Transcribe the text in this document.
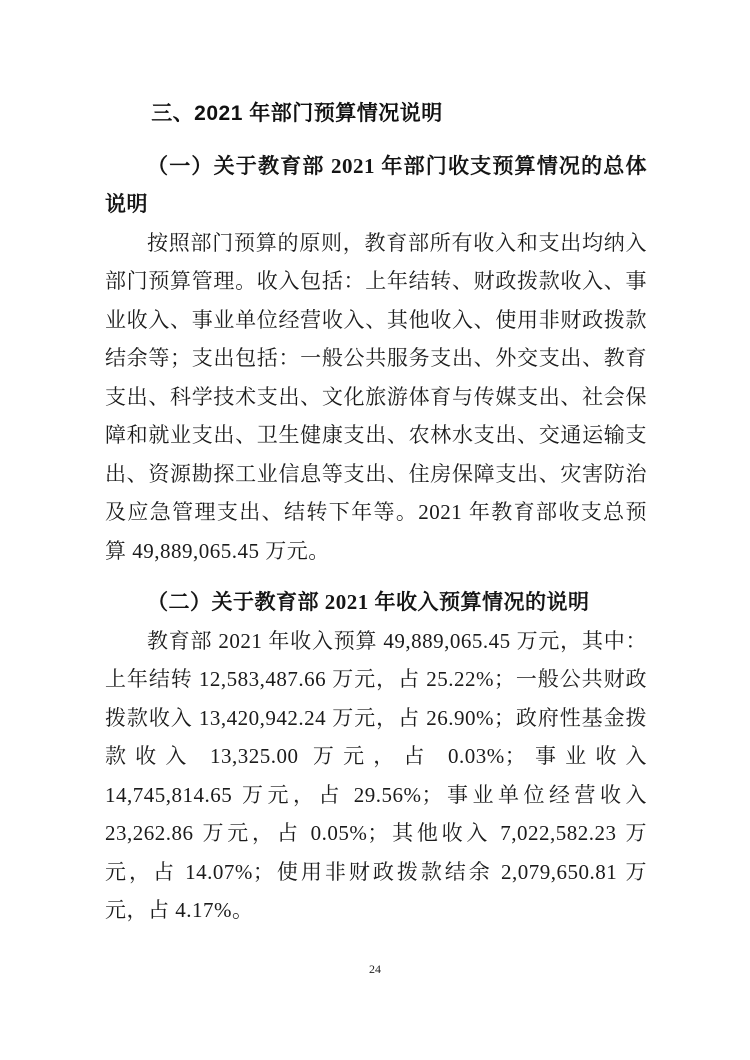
三、2021 年部门预算情况说明
（一）关于教育部 2021 年部门收支预算情况的总体说明

按照部门预算的原则，教育部所有收入和支出均纳入部门预算管理。收入包括：上年结转、财政拨款收入、事业收入、事业单位经营收入、其他收入、使用非财政拨款结余等；支出包括：一般公共服务支出、外交支出、教育支出、科学技术支出、文化旅游体育与传媒支出、社会保障和就业支出、卫生健康支出、农林水支出、交通运输支出、资源勘探工业信息等支出、住房保障支出、灾害防治及应急管理支出、结转下年等。2021 年教育部收支总预算 49,889,065.45 万元。

（二）关于教育部 2021 年收入预算情况的说明

教育部 2021 年收入预算 49,889,065.45 万元，其中：上年结转 12,583,487.66 万元，占 25.22%；一般公共财政拨款收入 13,420,942.24 万元，占 26.90%；政府性基金拨款收入 13,325.00 万元，占 0.03%；事业收入 14,745,814.65 万元，占 29.56%；事业单位经营收入 23,262.86 万元，占 0.05%；其他收入 7,022,582.23 万元，占 14.07%；使用非财政拨款结余 2,079,650.81 万元，占 4.17%。

24
